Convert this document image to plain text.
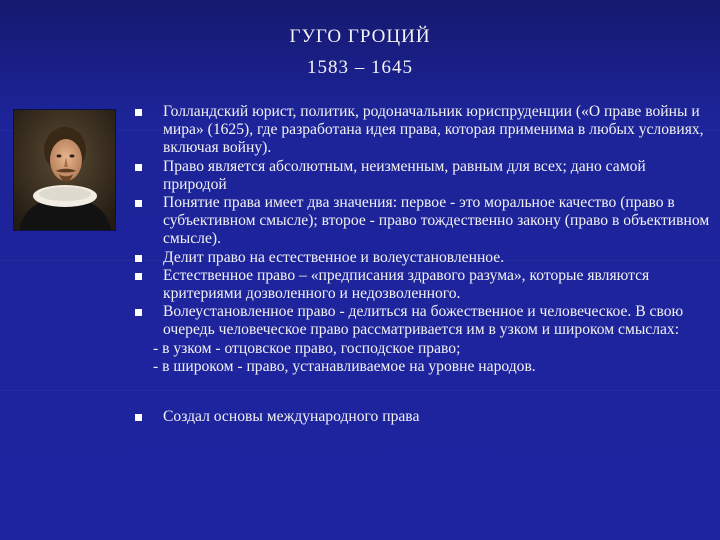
ГУГО ГРОЦИЙ
1583 – 1645
Голландский юрист, политик, родоначальник юриспруденции («О праве войны и мира» (1625), где разработана идея права, которая применима в любых условиях, включая войну).
Право является абсолютным, неизменным, равным для всех; дано самой природой
Понятие права имеет два значения: первое - это моральное качество (право в субъективном смысле); второе - право тождественно закону (право в объективном смысле).
Делит право на естественное и волеустановленное.
Естественное право – «предписания здравого разума», которые являются критериями дозволенного и недозволенного.
Волеустановленное право - делиться на божественное и человеческое. В свою очередь человеческое право рассматривается им в узком и широком смыслах:
- в узком - отцовское право, господское право;
- в широком - право, устанавливаемое на уровне народов.
Создал основы международного права
